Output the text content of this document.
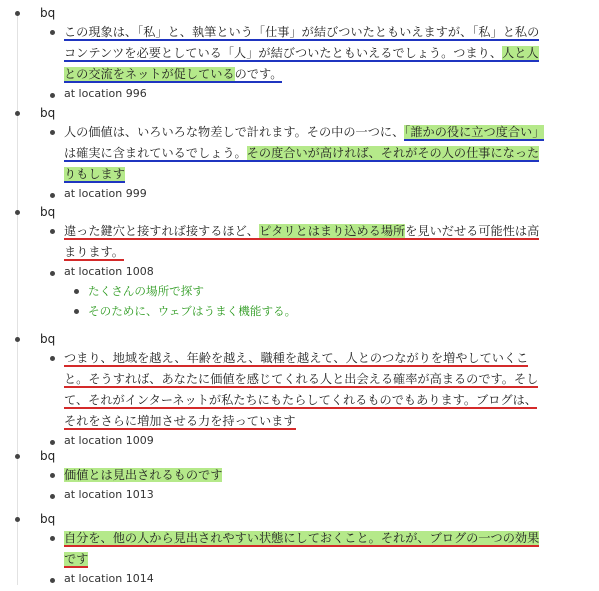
bq
この現象は、「私」と、執筆という「仕事」が結びついたともいえますが、「私」と私のコンテンツを必要としている「人」が結びついたともいえるでしょう。つまり、人と人との交流をネットが促しているのです。
at location 996
bq
人の価値は、いろいろな物差しで計れます。その中の一つに、「誰かの役に立つ度合い」は確実に含まれているでしょう。その度合いが高ければ、それがその人の仕事になったりもします
at location 999
bq
違った鍵穴と接すれば接するほど、ピタリとはまり込める場所を見いだせる可能性は高まります。
at location 1008
たくさんの場所で探す
そのために、ウェブはうまく機能する。
bq
つまり、地域を越え、年齢を越え、職種を越えて、人とのつながりを増やしていくこと。そうすれば、あなたに価値を感じてくれる人と出会える確率が高まるのです。そして、それがインターネットが私たちにもたらしてくれるものでもあります。ブログは、それをさらに増加させる力を持っています
at location 1009
bq
価値とは見出されるものです
at location 1013
bq
自分を、他の人から見出されやすい状態にしておくこと。それが、ブログの一つの効果です
at location 1014
